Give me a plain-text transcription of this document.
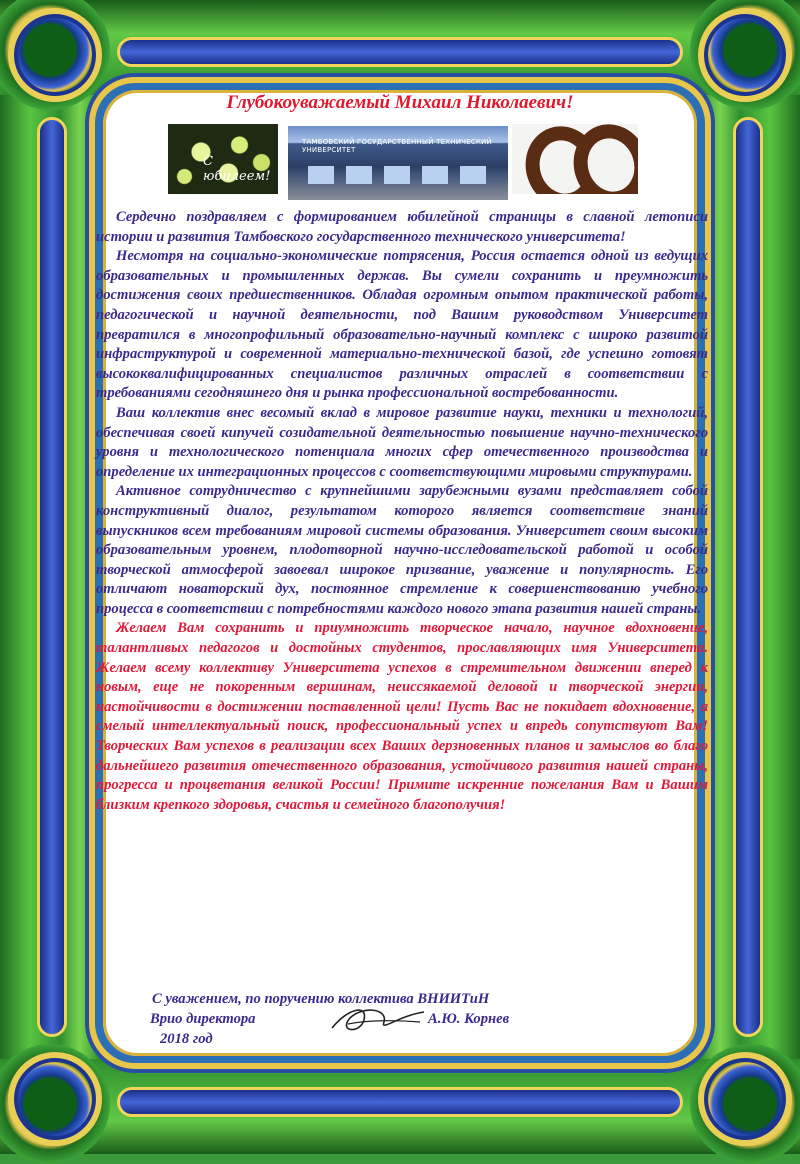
Глубокоуважаемый Михаил Николаевич!
С юбилеем!
ТАМБОВСКИЙ ГОСУДАРСТВЕННЫЙ ТЕХНИЧЕСКИЙ УНИВЕРСИТЕТ

Сердечно поздравляем с формированием юбилейной страницы в славной летописи истории и развития Тамбовского государственного технического университета!

Несмотря на социально-экономические потрясения, Россия остается одной из ведущих образовательных и промышленных держав. Вы сумели сохранить и преумножить достижения своих предшественников. Обладая огромным опытом практической работы, педагогической и научной деятельности, под Вашим руководством Университет превратился в многопрофильный образовательно-научный комплекс с широко развитой инфраструктурой и современной материально-технической базой, где успешно готовят высококвалифицированных специалистов различных отраслей в соответствии с требованиями сегодняшнего дня и рынка профессиональной востребованности.

Ваш коллектив внес весомый вклад в мировое развитие науки, техники и технологий, обеспечивая своей кипучей созидательной деятельностью повышение научно-технического уровня и технологического потенциала многих сфер отечественного производства и определение их интеграционных процессов с соответствующими мировыми структурами.

Активное сотрудничество с крупнейшими зарубежными вузами представляет собой конструктивный диалог, результатом которого является соответствие знаний выпускников всем требованиям мировой системы образования. Университет своим высоким образовательным уровнем, плодотворной научно-исследовательской работой и особой творческой атмосферой завоевал широкое призвание, уважение и популярность. Его отличают новаторский дух, постоянное стремление к совершенствованию учебного процесса в соответствии с потребностями каждого нового этапа развития нашей страны.

Желаем Вам сохранить и приумножить творческое начало, научное вдохновение, талантливых педагогов и достойных студентов, прославляющих имя Университета. Желаем всему коллективу Университета успехов в стремительном движении вперед к новым, еще не покоренным вершинам, неиссякаемой деловой и творческой энергии, настойчивости в достижении поставленной цели! Пусть Вас не покидает вдохновение, а смелый интеллектуальный поиск, профессиональный успех и впредь сопутствуют Вам! Творческих Вам успехов в реализации всех Ваших дерзновенных планов и замыслов во благо дальнейшего развития отечественного образования, устойчивого развития нашей страны, прогресса и процветания великой России! Примите искренние пожелания Вам и Вашим близким крепкого здоровья, счастья и семейного благополучия!

С уважением, по поручению коллектива ВНИИТиН
Врио директора	А.Ю. Корнев
2018 год
